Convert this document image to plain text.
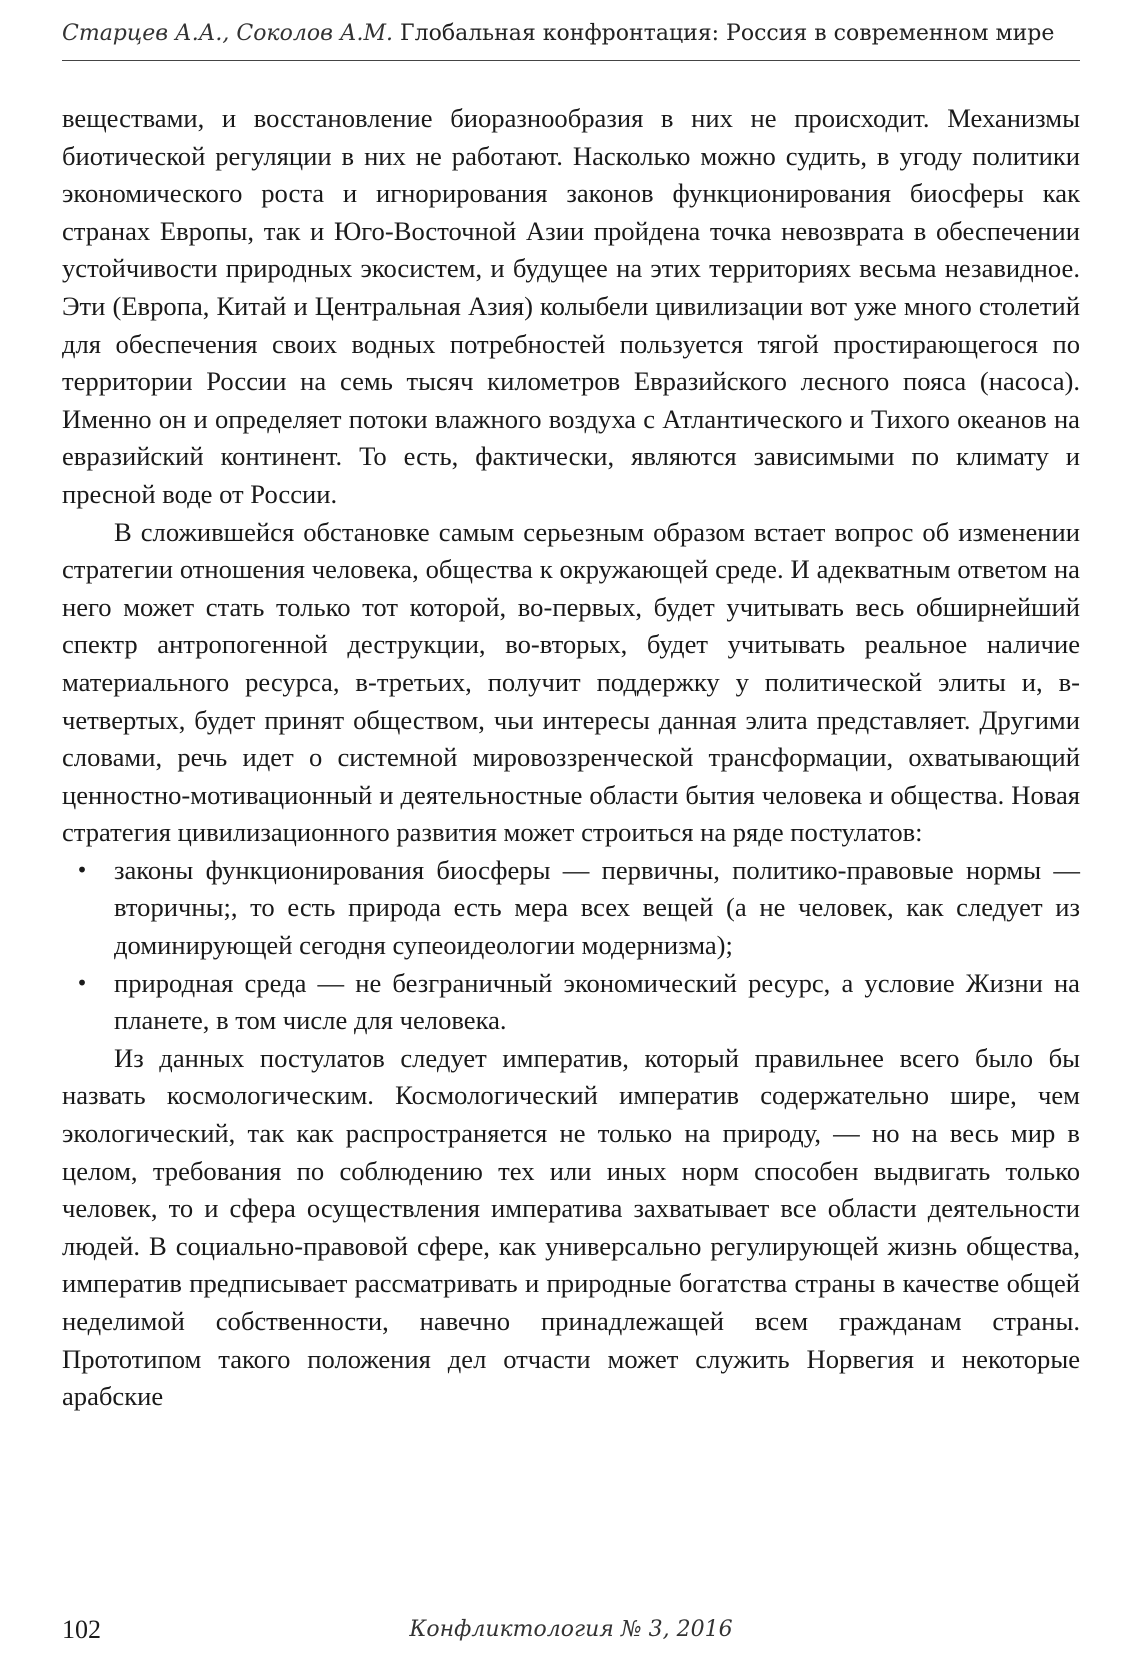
Старцев А.А., Соколов А.М. Глобальная конфронтация: Россия в современном мире

веществами, и восстановление биоразнообразия в них не происходит. Механизмы биотической регуляции в них не работают. Насколько можно судить, в угоду политики экономического роста и игнорирования законов функционирования биосферы как странах Европы, так и Юго-Восточной Азии пройдена точка невозврата в обеспечении устойчивости природных экосистем, и будущее на этих территориях весьма незавидное. Эти (Европа, Китай и Центральная Азия) колыбели цивилизации вот уже много столетий для обеспечения своих водных потребностей пользуется тягой простирающегося по территории России на семь тысяч километров Евразийского лесного пояса (насоса). Именно он и определяет потоки влажного воздуха с Атлантического и Тихого океанов на евразийский континент. То есть, фактически, являются зависимыми по климату и пресной воде от России.

В сложившейся обстановке самым серьезным образом встает вопрос об изменении стратегии отношения человека, общества к окружающей среде. И адекватным ответом на него может стать только тот которой, во-первых, будет учитывать весь обширнейший спектр антропогенной деструкции, во-вторых, будет учитывать реальное наличие материального ресурса, в-третьих, получит поддержку у политической элиты и, в-четвертых, будет принят обществом, чьи интересы данная элита представляет. Другими словами, речь идет о системной мировоззренческой трансформации, охватывающий ценностно-мотивационный и деятельностные области бытия человека и общества. Новая стратегия цивилизационного развития может строиться на ряде постулатов:

• законы функционирования биосферы — первичны, политико-правовые нормы — вторичны;, то есть природа есть мера всех вещей (а не человек, как следует из доминирующей сегодня супеоидеологии модернизма);
• природная среда — не безграничный экономический ресурс, а условие Жизни на планете, в том числе для человека.

Из данных постулатов следует императив, который правильнее всего было бы назвать космологическим. Космологический императив содержательно шире, чем экологический, так как распространяется не только на природу, — но на весь мир в целом, требования по соблюдению тех или иных норм способен выдвигать только человек, то и сфера осуществления императива захватывает все области деятельности людей. В социально-правовой сфере, как универсально регулирующей жизнь общества, императив предписывает рассматривать и природные богатства страны в качестве общей неделимой собственности, навечно принадлежащей всем гражданам страны. Прототипом такого положения дел отчасти может служить Норвегия и некоторые арабские

102	Конфликтология № 3, 2016
